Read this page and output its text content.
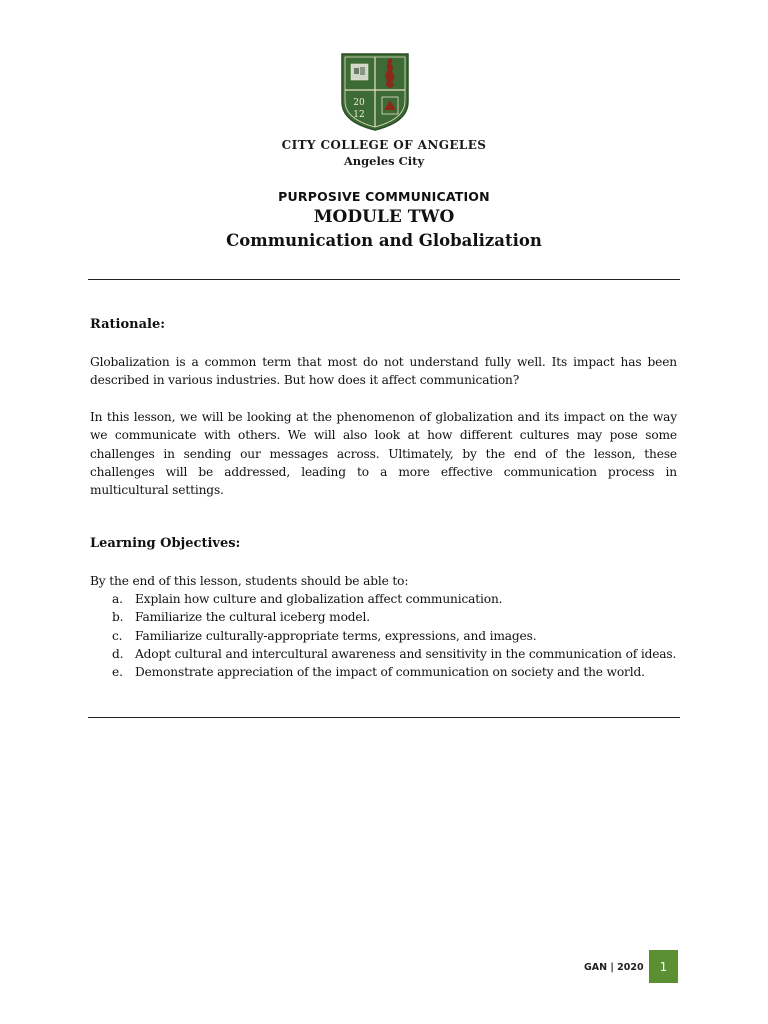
20
12
CITY COLLEGE OF ANGELES
Angeles City
PURPOSIVE COMMUNICATION
MODULE TWO
Communication and Globalization
Rationale:

Globalization is a common term that most do not understand fully well. Its impact has been described in various industries. But how does it affect communication?

In this lesson, we will be looking at the phenomenon of globalization and its impact on the way we communicate with others. We will also look at how different cultures may pose some challenges in sending our messages across. Ultimately, by the end of the lesson, these challenges will be addressed, leading to a more effective communication process in multicultural settings.

Learning Objectives:

By the end of this lesson, students should be able to:

a. Explain how culture and globalization affect communication.
b. Familiarize the cultural iceberg model.
c. Familiarize culturally-appropriate terms, expressions, and images.
d. Adopt cultural and intercultural awareness and sensitivity in the communication of ideas.
e. Demonstrate appreciation of the impact of communication on society and the world.
GAN | 2020 1
